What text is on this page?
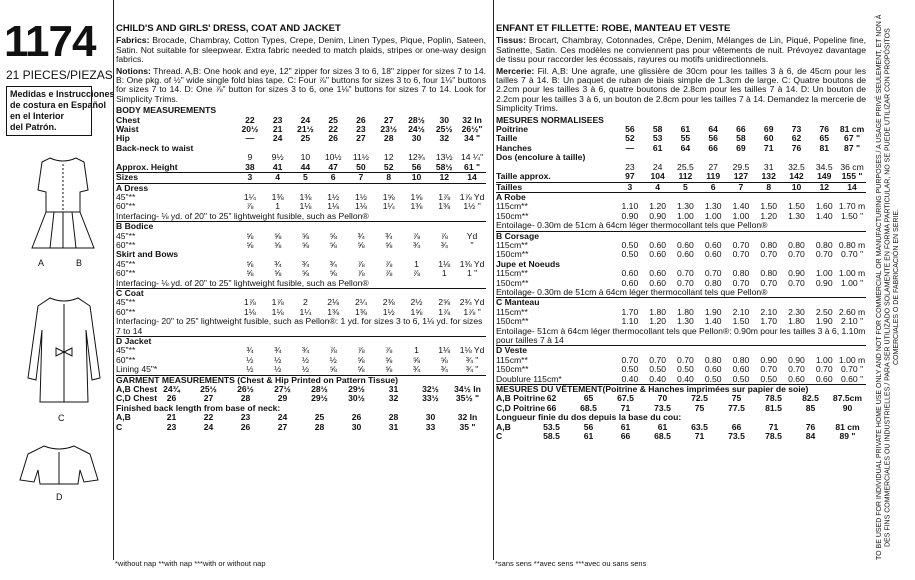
1174
21 PIECES/PIEZAS
Medidas e Instrucciones
de costura en Español
en el Interior
del Patrón.
A	B
C
D
CHILD'S AND GIRLS' DRESS, COAT AND JACKET
Fabrics: Brocade, Chambray, Cotton Types, Crepe, Denim, Linen Types, Pique, Poplin, Sateen, Satin. Not suitable for sleepwear. Extra fabric needed to match plaids, stripes or one-way design fabrics.
Notions: Thread. A,B: One hook and eye, 12" zipper for sizes 3 to 6, 18" zipper for sizes 7 to 14. B: One pkg. of ½" wide single fold bias tape. C: Four ⅞" buttons for sizes 3 to 6, four 1⅛" buttons for sizes 7 to 14. D: One ⅞" button for sizes 3 to 6, one 1⅛" buttons for sizes 7 to 14. Look for Simplicity Trims.
BODY MEASUREMENTS									
Chest	22	23	24	25	26	27	28½	30	32 In
Waist	20½	21	21½	22	23	23½	24½	25½	26½"
Hip	—	24	25	26	27	28	30	32	34 "
Back-neck to waist									
	9	9½	10	10½	11½	12	12¾	13½	14 ¼"
Approx. Height	38	41	44	47	50	52	56	58½	61 "
Sizes	3	4	5	6	7	8	10	12	14
A Dress									
45"**	1¼	1⅜	1⅜	1½	1½	1⅝	1⅝	1⅞	1⅞ Yd
60"**	⅞	1	1⅛	1⅛	1⅛	1¼	1⅜	1⅜	1½ "
Interfacing- ⅛ yd. of 20" to 25" lightweight fusible, such as Pellon®
B Bodice									
45"**	⅝	⅝	⅝	⅝	¾	¾	⅞	⅞	Yd
60"**	⅝	⅝	⅝	⅝	⅝	⅝	¾	¾	"
Skirt and Bows									
45"**	⅝	¾	¾	¾	⅞	⅞	1	1⅛	1⅜ Yd
60"**	⅝	⅝	⅝	⅝	⅞	⅞	⅞	1	1 "
Interfacing- ⅛ yd. of 20" to 25" lightweight fusible, such as Pellon®
C Coat									
45"**	1⅞	1⅞	2	2⅛	2¼	2⅜	2½	2⅝	2¾ Yd
60"**	1⅛	1⅛	1¼	1⅜	1⅜	1½	1⅝	1⅞	1⅞ "
Interfacing- 20" to 25" lightweight fusible, such as Pellon®: 1 yd. for sizes 3 to 6, 1⅛ yd. for sizes 7 to 14
D Jacket									
45"**	¾	¾	¾	⅞	⅞	⅞	1	1⅛	1⅛ Yd
60"**	½	½	½	½	⅝	⅝	⅝	⅝	¾ "
Lining 45"*	½	½	½	⅝	⅝	⅝	¾	¾	¾ "
GARMENT MEASUREMENTS (Chest & Hip Printed on Pattern Tissue)									
A,B Chest	24¾	25½	26½	27½	28½	29½	31	32½	34½ In
C,D Chest	26	27	28	29	29½	30½	32	33½	35½ "
Finished back length from base of neck:									
A,B	21	22	23	24	25	26	28	30	32 In
C	23	24	26	27	28	30	31	33	35 "
*without nap **with nap ***with or without nap
ENFANT ET FILLETTE: ROBE, MANTEAU ET VESTE
Tissus: Brocart, Chambray, Cotonnades, Crêpe, Denim, Mélanges de Lin, Piqué, Popeline fine, Satinette, Satin. Ces modèles ne conviennent pas pour vêtements de nuit. Prévoyez davantage de tissu pour raccorder les écossais, rayures ou motifs unidirectionnels.
Mercerie: Fil. A,B: Une agrafe, une glissière de 30cm pour les tailles 3 à 6, de 45cm pour les tailles 7 à 14. B: Un paquet de ruban de biais simple de 1.3cm de large. C: Quatre boutons de 2.2cm pour les tailles 3 à 6, quatre boutons de 2.8cm pour les tailles 7 à 14. D: Un bouton de 2.2cm pour les tailles 3 à 6, un bouton de 2.8cm pour les tailles 7 à 14. Demandez la mercerie de Simplicity Trims.
MESURES NORMALISEES									
Poitrine	56	58	61	64	66	69	73	76	81 cm
Taille	52	53	55	56	58	60	62	65	67 "
Hanches	—	61	64	66	69	71	76	81	87 "
Dos (encolure à taille)									
	23	24	25.5	27	29.5	31	32.5	34.5	36 cm
Taille approx.	97	104	112	119	127	132	142	149	155 "
Tailles	3	4	5	6	7	8	10	12	14
A Robe									
115cm**	1.10	1.20	1.30	1.30	1.40	1.50	1.50	1.60	1.70 m
150cm**	0.90	0.90	1.00	1.00	1.00	1.20	1.30	1.40	1.50 "
Entoilage- 0.30m de 51cm à 64cm léger thermocollant tels que Pellon®
B Corsage									
115cm**	0.50	0.60	0.60	0.60	0.70	0.80	0.80	0.80	0.80 m
150cm**	0.50	0.60	0.60	0.60	0.70	0.70	0.70	0.70	0.70 "
Jupe et Noeuds									
115cm**	0.60	0.60	0.70	0.70	0.80	0.80	0.90	1.00	1.00 m
150cm**	0.60	0.60	0.70	0.80	0.70	0.70	0.70	0.90	1.00 "
Entoilage- 0.30m de 51cm à 64cm léger thermocollant tels que Pellon®
C Manteau									
115cm**	1.70	1.80	1.80	1.90	2.10	2.10	2.30	2.50	2.60 m
150cm**	1.10	1.20	1.30	1.40	1.50	1.70	1.80	1.90	2.10 "
Entoilage- 51cm à 64cm léger thermocollant tels que Pellon®: 0.90m pour les tailles 3 à 6, 1.10m pour tailles 7 à 14
D Veste									
115cm**	0.70	0.70	0.70	0.80	0.80	0.90	0.90	1.00	1.00 m
150cm**	0.50	0.50	0.50	0.60	0.60	0.70	0.70	0.70	0.70 "
Doublure 115cm*	0.40	0.40	0.40	0.50	0.50	0.50	0.60	0.60	0.60 "
MESURES DU VÊTEMENT(Poitrine & Hanches imprimées sur papier de soie)									
A,B Poitrine	62	65	67.5	70	72.5	75	78.5	82.5	87.5cm
C,D Poitrine	66	68.5	71	73.5	75	77.5	81.5	85	90
Longueur finie du dos depuis la base du cou:									
A,B	53.5	56	61	61	63.5	66	71	76	81 cm
C	58.5	61	66	68.5	71	73.5	78.5	84	89 "
*sans sens **avec sens ***avec ou sans sens
TO BE USED FOR INDIVIDUAL PRIVATE HOME USE ONLY AND NOT FOR COMMERCIAL OR MANUFACTURING PURPOSES./ A USAGE PRIVÉ SEULEMENT, ET NON À DES FINS COMMERCIALES OU INDUSTRIELLES./ PARA SER UTILIZADO SOLAMENTE EN FORMA PARTICULAR, NO SE PUEDE UTILIZAR CON PROPÓSITOS COMERCIALES O DE FABRICACIÓN EN SERIE.
